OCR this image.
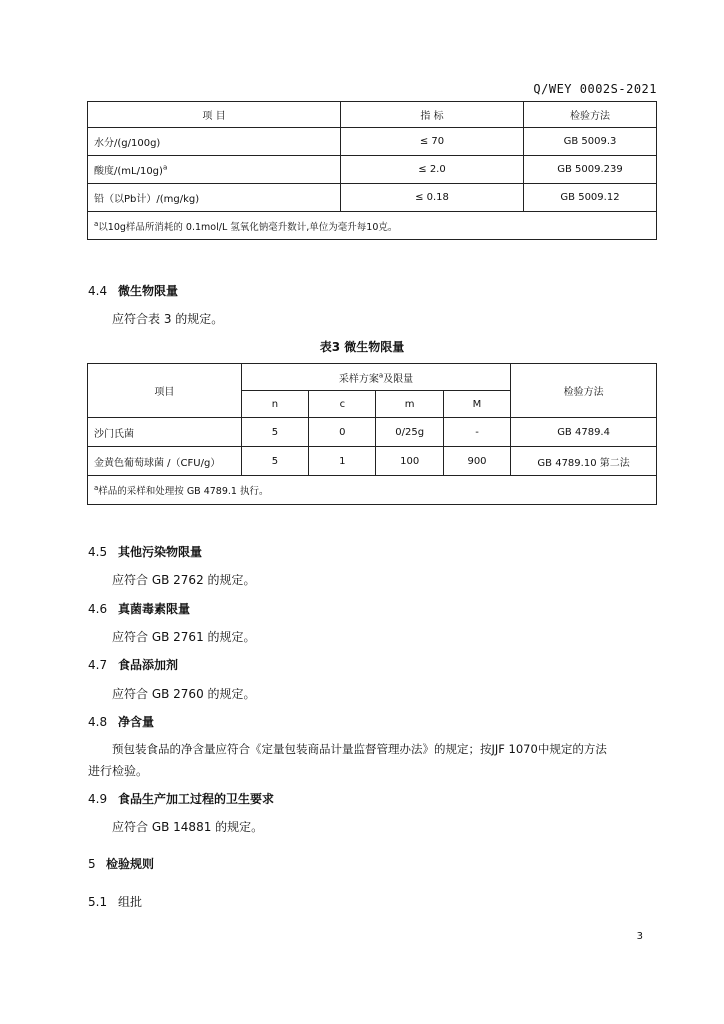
Q/WEY 0002S-2021
项 目	指 标	检验方法
水分/(g/100g)	≤ 70	GB 5009.3
酸度$/(mL/10g)^a$	≤ 2.0	GB 5009.239
铅（以Pb计）/(mg/kg)	≤ 0.18	GB 5009.12
$^a$以10g样品所消耗的 0.1mol/L 氢氧化钠毫升数计,单位为毫升每10克。		
4.4 微生物限量
应符合表 3 的规定。
表3 微生物限量
项目	采样方案$^a$及限量				检验方法
	n	c	m	M	
沙门氏菌	5	0	0/25g	-	GB 4789.4
金黄色葡萄球菌 /（CFU/g）	5	1	100	900	GB 4789.10 第二法
$^a$样品的采样和处理按 GB 4789.1 执行。					
4.5 其他污染物限量
应符合 GB 2762 的规定。
4.6 真菌毒素限量
应符合 GB 2761 的规定。
4.7 食品添加剂
应符合 GB 2760 的规定。
4.8 净含量
预包装食品的净含量应符合《定量包装商品计量监督管理办法》的规定；按JJF 1070中规定的方法
进行检验。
4.9 食品生产加工过程的卫生要求
应符合 GB 14881 的规定。
5 检验规则
5.1 组批
3
